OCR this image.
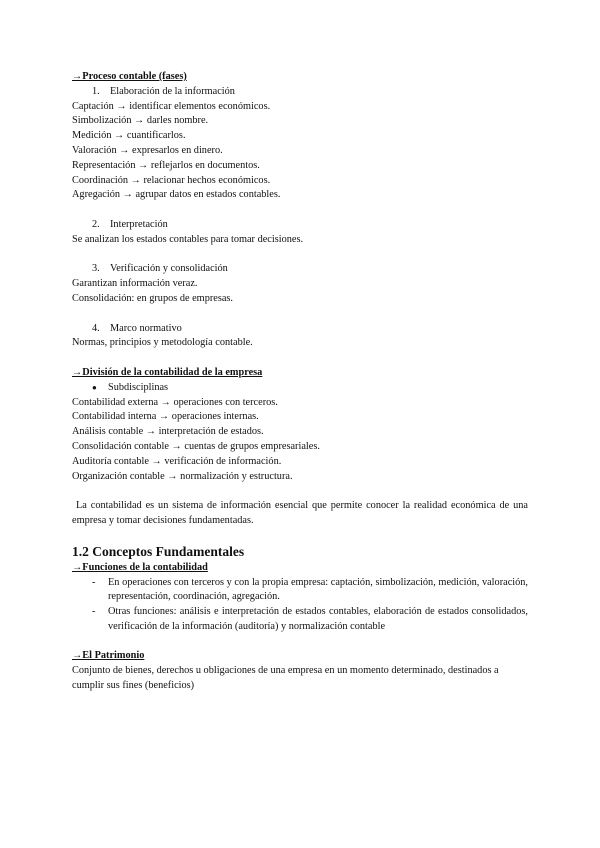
→Proceso contable (fases)
1. Elaboración de la información
Captación → identificar elementos económicos.
Simbolización → darles nombre.
Medición → cuantificarlos.
Valoración → expresarlos en dinero.
Representación → reflejarlos en documentos.
Coordinación → relacionar hechos económicos.
Agregación → agrupar datos en estados contables.
2. Interpretación
Se analizan los estados contables para tomar decisiones.
3. Verificación y consolidación
Garantizan información veraz.
Consolidación: en grupos de empresas.
4. Marco normativo
Normas, principios y metodología contable.
→División de la contabilidad de la empresa
● Subdisciplinas
Contabilidad externa → operaciones con terceros.
Contabilidad interna → operaciones internas.
Análisis contable → interpretación de estados.
Consolidación contable → cuentas de grupos empresariales.
Auditoría contable → verificación de información.
Organización contable → normalización y estructura.

La contabilidad es un sistema de información esencial que permite conocer la realidad económica de una empresa y tomar decisiones fundamentadas.

1.2 Conceptos Fundamentales
→Funciones de la contabilidad
- En operaciones con terceros y con la propia empresa: captación, simbolización, medición, valoración, representación, coordinación, agregación.
- Otras funciones: análisis e interpretación de estados contables, elaboración de estados consolidados, verificación de la información (auditoría) y normalización contable
→El Patrimonio
Conjunto de bienes, derechos u obligaciones de una empresa en un momento determinado, destinados a cumplir sus fines (beneficios)
